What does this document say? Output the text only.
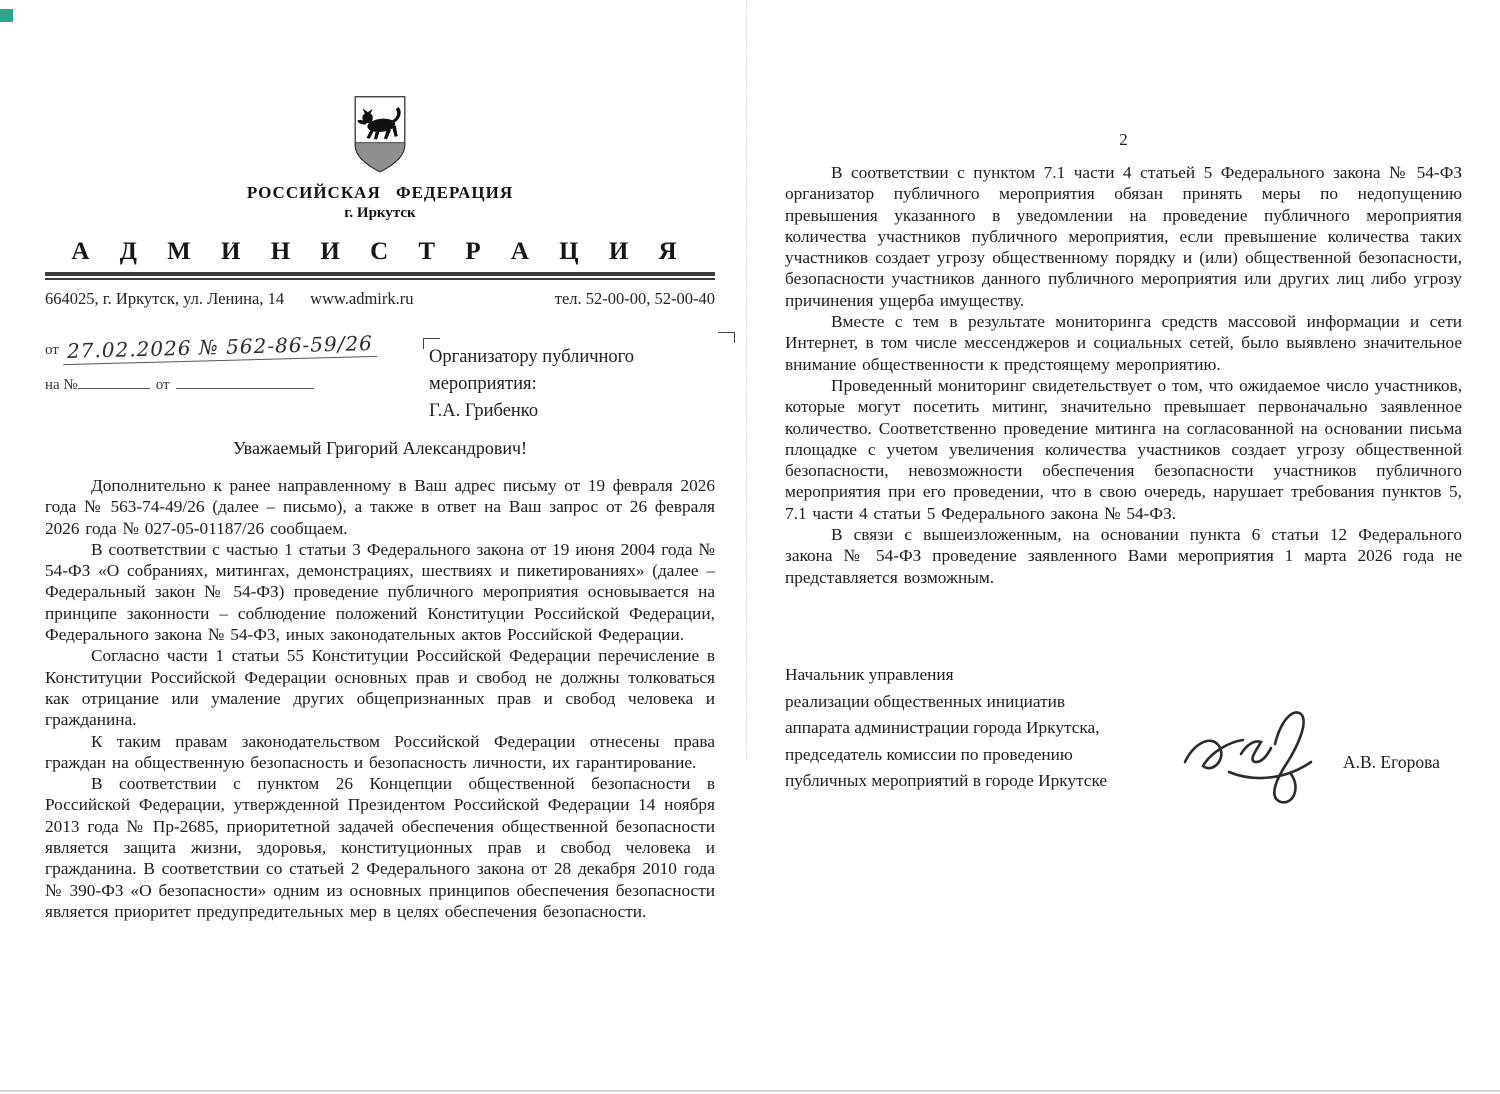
РОССИЙСКАЯ ФЕДЕРАЦИЯ
г. Иркутск
А Д М И Н И С Т Р А Ц И Я
664025, г. Иркутск, ул. Ленина, 14 www.admirk.ru	тел. 52-00-00, 52-00-40
от 27.02.2026 № 562-86-59/26
на №	от
Организатору публичного
мероприятия:
Г.А. Грибенко
Уважаемый Григорий Александрович!

Дополнительно к ранее направленному в Ваш адрес письму от 19 февраля 2026 года № 563-74-49/26 (далее – письмо), а также в ответ на Ваш запрос от 26 февраля 2026 года № 027-05-01187/26 сообщаем.

В соответствии с частью 1 статьи 3 Федерального закона от 19 июня 2004 года № 54-ФЗ «О собраниях, митингах, демонстрациях, шествиях и пикетированиях» (далее – Федеральный закон № 54-ФЗ) проведение публичного мероприятия основывается на принципе законности – соблюдение положений Конституции Российской Федерации, Федерального закона № 54-ФЗ, иных законодательных актов Российской Федерации.

Согласно части 1 статьи 55 Конституции Российской Федерации перечисление в Конституции Российской Федерации основных прав и свобод не должны толковаться как отрицание или умаление других общепризнанных прав и свобод человека и гражданина.

К таким правам законодательством Российской Федерации отнесены права граждан на общественную безопасность и безопасность личности, их гарантирование.

В соответствии с пунктом 26 Концепции общественной безопасности в Российской Федерации, утвержденной Президентом Российской Федерации 14 ноября 2013 года № Пр-2685, приоритетной задачей обеспечения общественной безопасности является защита жизни, здоровья, конституционных прав и свобод человека и гражданина. В соответствии со статьей 2 Федерального закона от 28 декабря 2010 года № 390-ФЗ «О безопасности» одним из основных принципов обеспечения безопасности является приоритет предупредительных мер в целях обеспечения безопасности.

2

В соответствии с пунктом 7.1 части 4 статьей 5 Федерального закона № 54-ФЗ организатор публичного мероприятия обязан принять меры по недопущению превышения указанного в уведомлении на проведение публичного мероприятия количества участников публичного мероприятия, если превышение количества таких участников создает угрозу общественному порядку и (или) общественной безопасности, безопасности участников данного публичного мероприятия или других лиц либо угрозу причинения ущерба имуществу.

Вместе с тем в результате мониторинга средств массовой информации и сети Интернет, в том числе мессенджеров и социальных сетей, было выявлено значительное внимание общественности к предстоящему мероприятию.

Проведенный мониторинг свидетельствует о том, что ожидаемое число участников, которые могут посетить митинг, значительно превышает первоначально заявленное количество. Соответственно проведение митинга на согласованной на основании письма площадке с учетом увеличения количества участников создает угрозу общественной безопасности, невозможности обеспечения безопасности участников публичного мероприятия при его проведении, что в свою очередь, нарушает требования пунктов 5, 7.1 части 4 статьи 5 Федерального закона № 54-ФЗ.

В связи с вышеизложенным, на основании пункта 6 статьи 12 Федерального закона № 54-ФЗ проведение заявленного Вами мероприятия 1 марта 2026 года не представляется возможным.

Начальник управления
реализации общественных инициатив
аппарата администрации города Иркутска,
председатель комиссии по проведению
публичных мероприятий в городе Иркутске
А.В. Егорова
